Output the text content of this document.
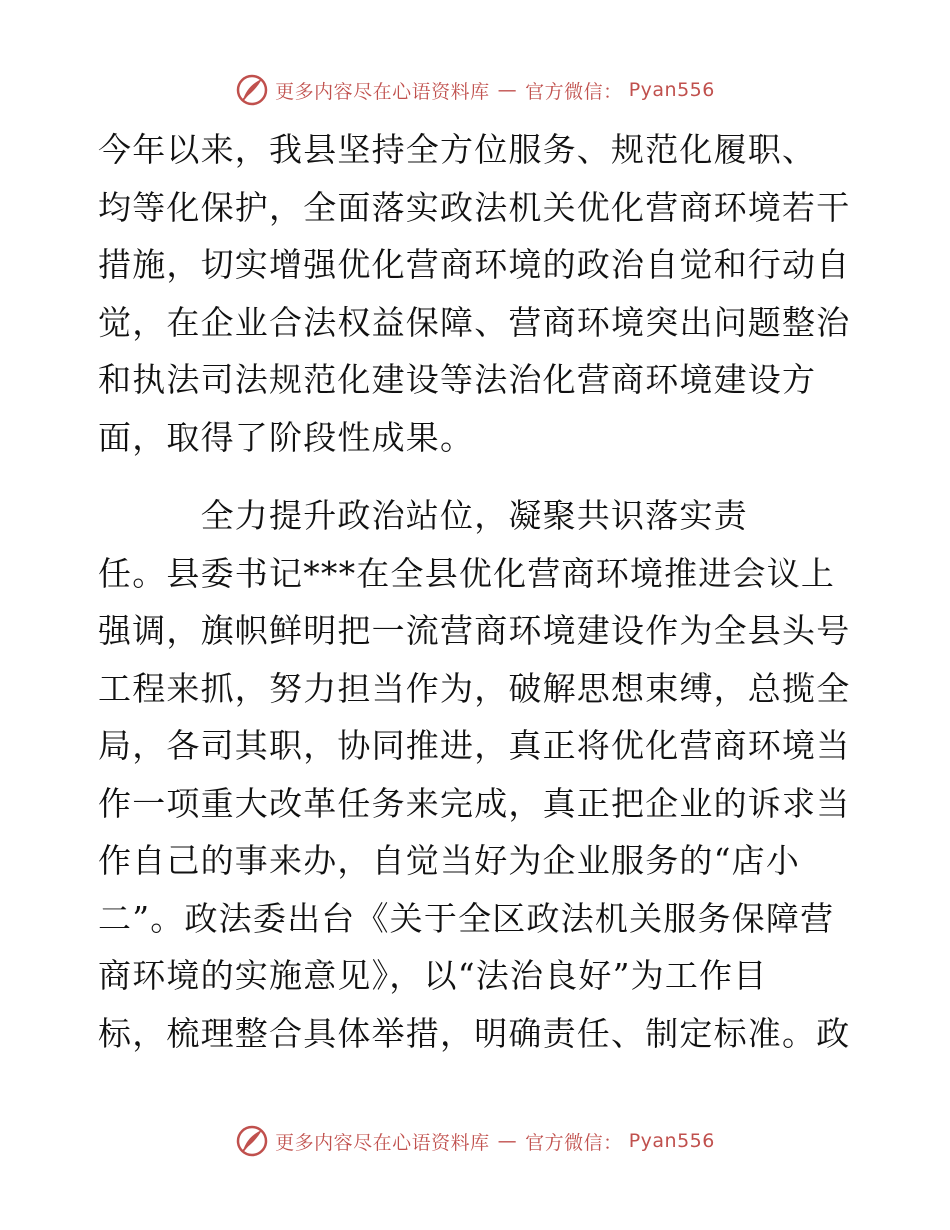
更多内容尽在心语资料库 — 官方微信： Pyan556
今年以来，我县坚持全方位服务、规范化履职、
均等化保护，全面落实政法机关优化营商环境若干
措施，切实增强优化营商环境的政治自觉和行动自
觉，在企业合法权益保障、营商环境突出问题整治
和执法司法规范化建设等法治化营商环境建设方
面，取得了阶段性成果。
　　　全力提升政治站位，凝聚共识落实责
任。县委书记***在全县优化营商环境推进会议上
强调，旗帜鲜明把一流营商环境建设作为全县头号
工程来抓，努力担当作为，破解思想束缚，总揽全
局，各司其职，协同推进，真正将优化营商环境当
作一项重大改革任务来完成，真正把企业的诉求当
作自己的事来办，自觉当好为企业服务的“店小
二”。政法委出台《关于全区政法机关服务保障营
商环境的实施意见》，以“法治良好”为工作目
标，梳理整合具体举措，明确责任、制定标准。政
更多内容尽在心语资料库 — 官方微信： Pyan556
